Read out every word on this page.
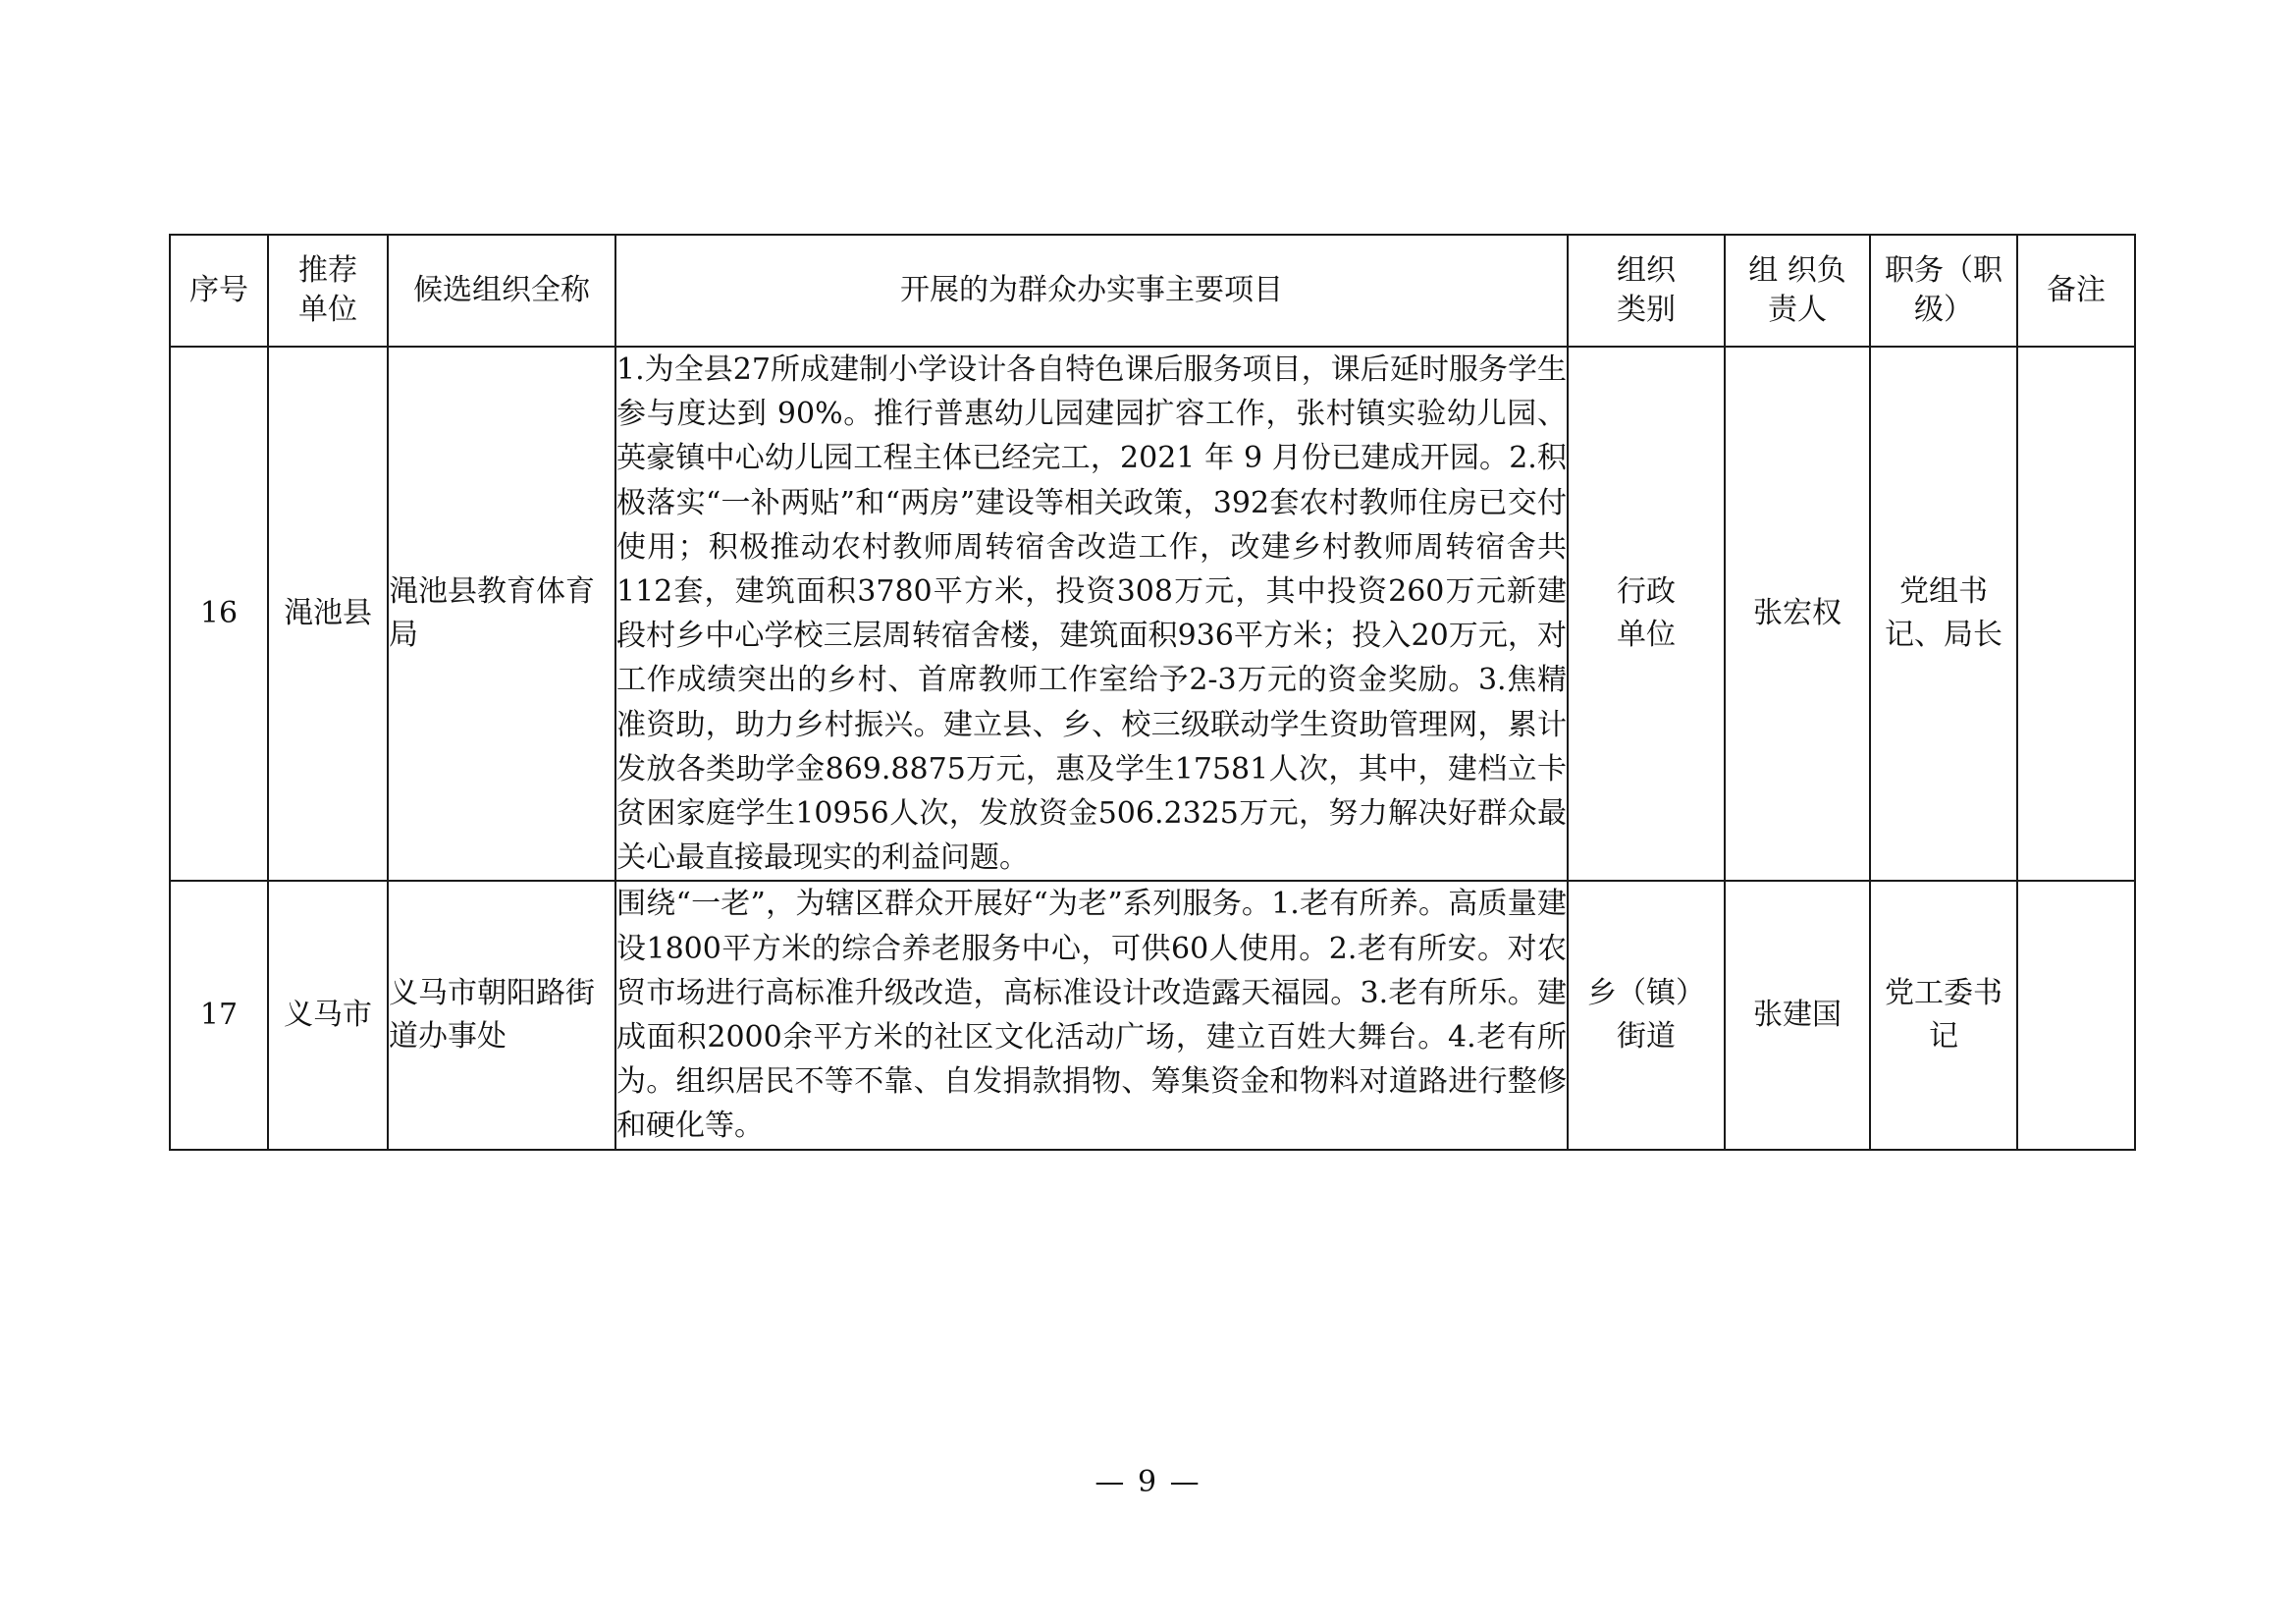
序号	推荐单位	候选组织全称	开展的为群众办实事主要项目	组织类别	组 织负责人	职务（职级）	备注
16	渑池县	渑池县教育体育局	1.为全县27所成建制小学设计各自特色课后服务项目，课后延时服务学生参与度达到 90%。推行普惠幼儿园建园扩容工作，张村镇实验幼儿园、英豪镇中心幼儿园工程主体已经完工，2021 年 9 月份已建成开园。2.积极落实“一补两贴”和“两房”建设等相关政策，392套农村教师住房已交付使用；积极推动农村教师周转宿舍改造工作，改建乡村教师周转宿舍共112套，建筑面积3780平方米，投资308万元，其中投资260万元新建段村乡中心学校三层周转宿舍楼，建筑面积936平方米；投入20万元，对工作成绩突出的乡村、首席教师工作室给予2-3万元的资金奖励。3.焦精准资助，助力乡村振兴。建立县、乡、校三级联动学生资助管理网，累计发放各类助学金869.8875万元，惠及学生17581人次，其中，建档立卡贫困家庭学生10956人次，发放资金506.2325万元，努力解决好群众最关心最直接最现实的利益问题。	行政单位	张宏权	党组书记、局长	
17	义马市	义马市朝阳路街道办事处	围绕“一老”，为辖区群众开展好“为老”系列服务。1.老有所养。高质量建设1800平方米的综合养老服务中心，可供60人使用。2.老有所安。对农贸市场进行高标准升级改造，高标准设计改造露天福园。3.老有所乐。建成面积2000余平方米的社区文化活动广场，建立百姓大舞台。4.老有所为。组织居民不等不靠、自发捐款捐物、筹集资金和物料对道路进行整修和硬化等。	乡（镇）街道	张建国	党工委书记	
— 9 —
